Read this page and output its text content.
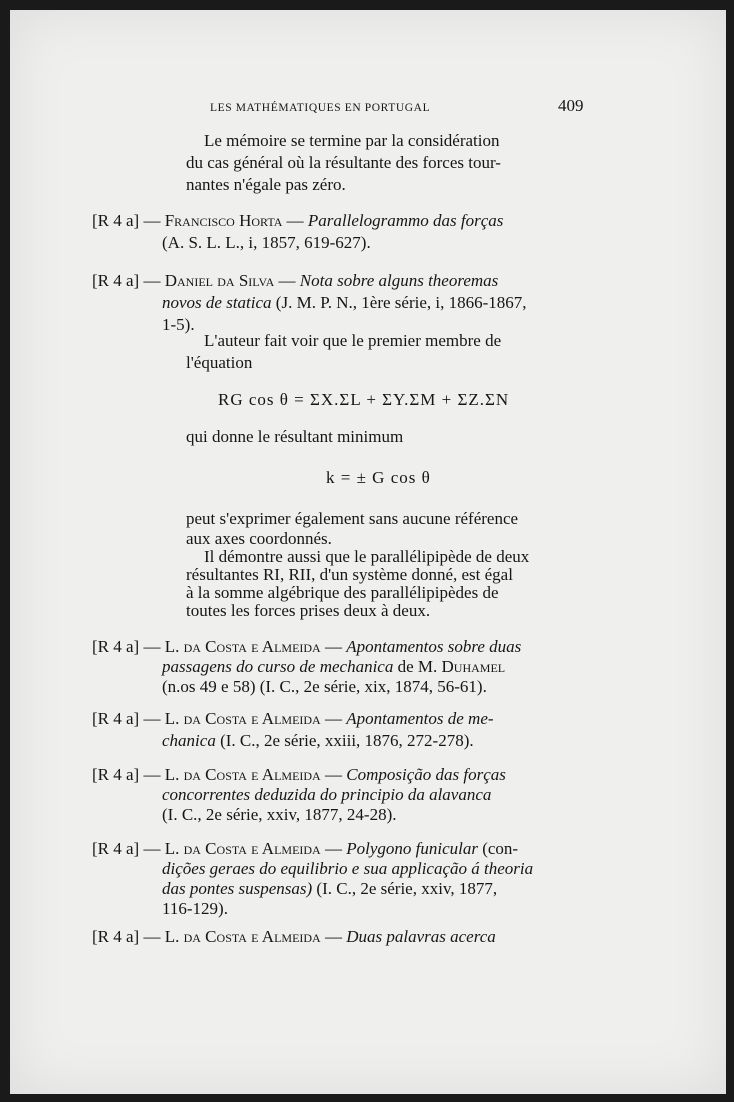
LES MATHÉMATIQUES EN PORTUGAL	409
Le mémoire se termine par la considération
du cas général où la résultante des forces tour-
nantes n'égale pas zéro.
[R 4 a] — Francisco Horta — Parallelogrammo das forças
(A. S. L. L., i, 1857, 619-627).
[R 4 a] — Daniel da Silva — Nota sobre alguns theoremas
novos de statica (J. M. P. N., 1ère série, i, 1866-1867,
1-5).
L'auteur fait voir que le premier membre de
l'équation
RG cos θ = ΣX.ΣL + ΣY.ΣM + ΣZ.ΣN
qui donne le résultant minimum
k = ± G cos θ
peut s'exprimer également sans aucune référence
aux axes coordonnés.
Il démontre aussi que le parallélipipède de deux
résultantes RI, RII, d'un système donné, est égal
à la somme algébrique des parallélipipèdes de
toutes les forces prises deux à deux.
[R 4 a] — L. da Costa e Almeida — Apontamentos sobre duas
passagens do curso de mechanica de M. Duhamel
(n.os 49 e 58) (I. C., 2e série, xix, 1874, 56-61).
[R 4 a] — L. da Costa e Almeida — Apontamentos de me-
chanica (I. C., 2e série, xxiii, 1876, 272-278).
[R 4 a] — L. da Costa e Almeida — Composição das forças
concorrentes deduzida do principio da alavanca
(I. C., 2e série, xxiv, 1877, 24-28).
[R 4 a] — L. da Costa e Almeida — Polygono funicular (con-
dições geraes do equilibrio e sua applicação á theoria
das pontes suspensas) (I. C., 2e série, xxiv, 1877,
116-129).
[R 4 a] — L. da Costa e Almeida — Duas palavras acerca
